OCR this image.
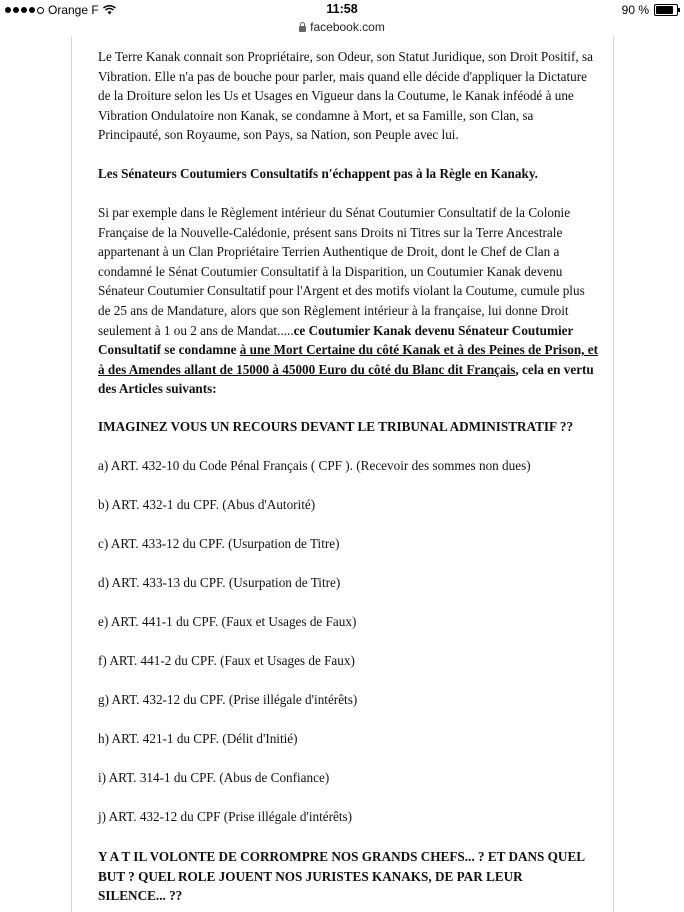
Orange F	11:58	90 %
facebook.com

Le Terre Kanak connait son Propriétaire, son Odeur, son Statut Juridique, son Droit Positif, sa Vibration. Elle n'a pas de bouche pour parler, mais quand elle décide d'appliquer la Dictature de la Droiture selon les Us et Usages en Vigueur dans la Coutume, le Kanak inféodé à une Vibration Ondulatoire non Kanak, se condamne à Mort, et sa Famille, son Clan, sa Principauté, son Royaume, son Pays, sa Nation, son Peuple avec lui.

Les Sénateurs Coutumiers Consultatifs n'échappent pas à la Règle en Kanaky.

Si par exemple dans le Règlement intérieur du Sénat Coutumier Consultatif de la Colonie Française de la Nouvelle-Calédonie, présent sans Droits ni Titres sur la Terre Ancestrale appartenant à un Clan Propriétaire Terrien Authentique de Droit, dont le Chef de Clan a condamné le Sénat Coutumier Consultatif à la Disparition, un Coutumier Kanak devenu Sénateur Coutumier Consultatif pour l'Argent et des motifs violant la Coutume, cumule plus de 25 ans de Mandature, alors que son Règlement intérieur à la française, lui donne Droit seulement à 1 ou 2 ans de Mandat.....ce Coutumier Kanak devenu Sénateur Coutumier Consultatif se condamne à une Mort Certaine du côté Kanak et à des Peines de Prison, et à des Amendes allant de 15000 à 45000 Euro du côté du Blanc dit Français, cela en vertu des Articles suivants:

IMAGINEZ VOUS UN RECOURS DEVANT LE TRIBUNAL ADMINISTRATIF ??

a) ART. 432-10 du Code Pénal Français ( CPF ). (Recevoir des sommes non dues)

b) ART. 432-1 du CPF. (Abus d'Autorité)

c) ART. 433-12 du CPF. (Usurpation de Titre)

d) ART. 433-13 du CPF. (Usurpation de Titre)

e) ART. 441-1 du CPF. (Faux et Usages de Faux)

f) ART. 441-2 du CPF. (Faux et Usages de Faux)

g) ART. 432-12 du CPF. (Prise illégale d'intérêts)

h) ART. 421-1 du CPF. (Délit d'Initié)

i) ART. 314-1 du CPF. (Abus de Confiance)

j) ART. 432-12 du CPF (Prise illégale d'intérêts)

Y A T IL VOLONTE DE CORROMPRE NOS GRANDS CHEFS... ? ET DANS QUEL BUT ? QUEL ROLE JOUENT NOS JURISTES KANAKS, DE PAR LEUR SILENCE... ??
